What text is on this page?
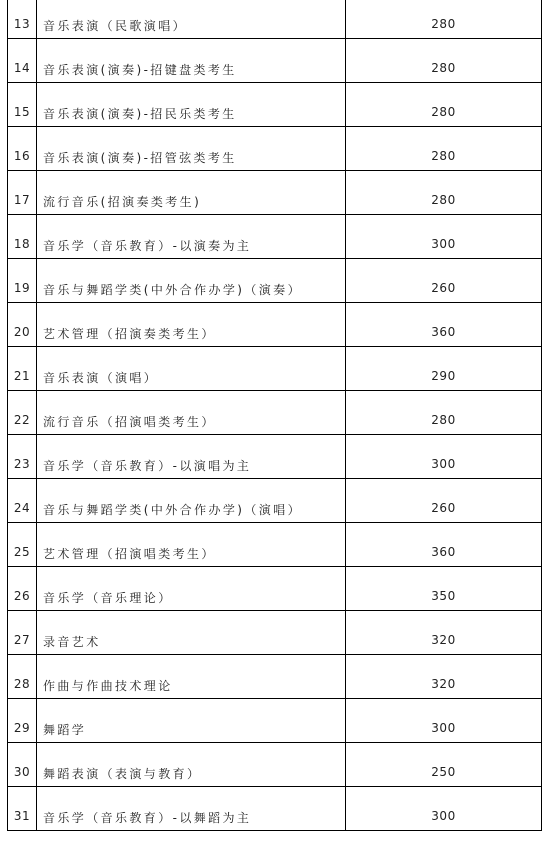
13	音乐表演（民歌演唱）	280
14	音乐表演(演奏)-招键盘类考生	280
15	音乐表演(演奏)-招民乐类考生	280
16	音乐表演(演奏)-招管弦类考生	280
17	流行音乐(招演奏类考生)	280
18	音乐学（音乐教育）-以演奏为主	300
19	音乐与舞蹈学类(中外合作办学)（演奏）	260
20	艺术管理（招演奏类考生）	360
21	音乐表演（演唱）	290
22	流行音乐（招演唱类考生）	280
23	音乐学（音乐教育）-以演唱为主	300
24	音乐与舞蹈学类(中外合作办学)（演唱）	260
25	艺术管理（招演唱类考生）	360
26	音乐学（音乐理论）	350
27	录音艺术	320
28	作曲与作曲技术理论	320
29	舞蹈学	300
30	舞蹈表演（表演与教育）	250
31	音乐学（音乐教育）-以舞蹈为主	300
